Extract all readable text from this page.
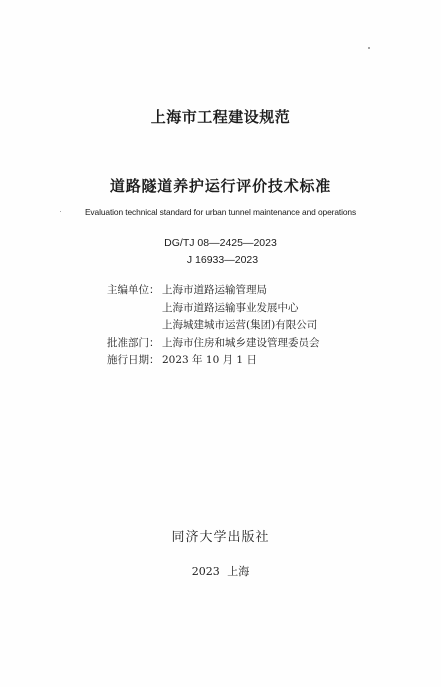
上海市工程建设规范
道路隧道养护运行评价技术标准
Evaluation technical standard for urban tunnel maintenance and operations
DG/TJ 08—2425—2023
J 16933—2023
主编单位： 上海市道路运输管理局
上海市道路运输事业发展中心
上海城建城市运营(集团)有限公司
批准部门： 上海市住房和城乡建设管理委员会
施行日期： 2023 年 10 月 1 日
同济大学出版社
2023 上海
